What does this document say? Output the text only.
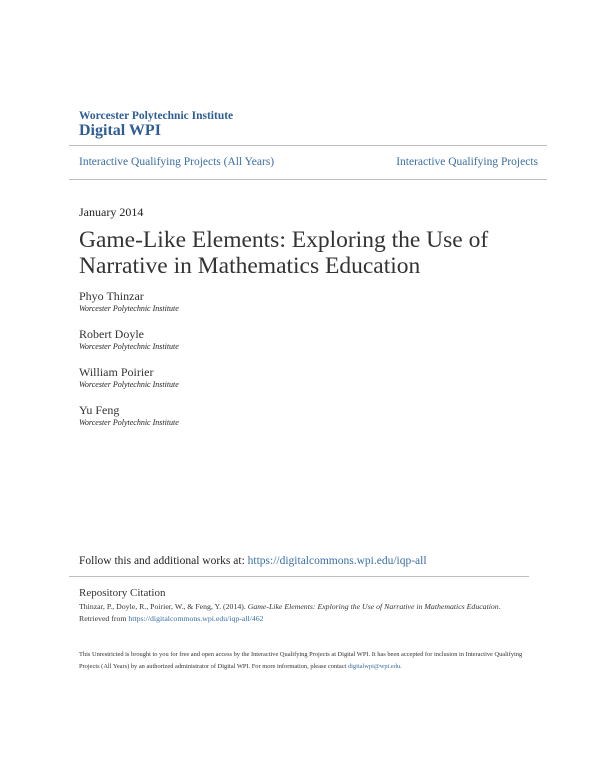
Worcester Polytechnic Institute
Digital WPI
Interactive Qualifying Projects (All Years)	Interactive Qualifying Projects
January 2014
Game-Like Elements: Exploring the Use of Narrative in Mathematics Education
Phyo Thinzar
Worcester Polytechnic Institute
Robert Doyle
Worcester Polytechnic Institute
William Poirier
Worcester Polytechnic Institute
Yu Feng
Worcester Polytechnic Institute
Follow this and additional works at: https://digitalcommons.wpi.edu/iqp-all
Repository Citation
Thinzar, P., Doyle, R., Poirier, W., & Feng, Y. (2014). Game-Like Elements: Exploring the Use of Narrative in Mathematics Education.
Retrieved from https://digitalcommons.wpi.edu/iqp-all/462
This Unrestricted is brought to you for free and open access by the Interactive Qualifying Projects at Digital WPI. It has been accepted for inclusion in Interactive Qualifying Projects (All Years) by an authorized administrator of Digital WPI. For more information, please contact digitalwpi@wpi.edu.
